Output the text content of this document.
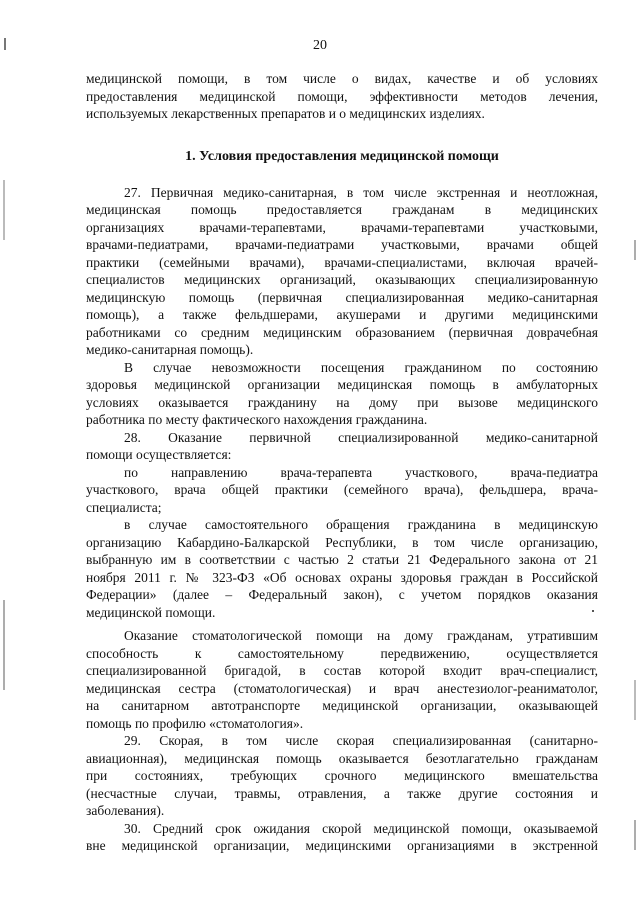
20
медицинской помощи, в том числе о видах, качестве и об условиях
предоставления медицинской помощи, эффективности методов лечения,
используемых лекарственных препаратов и о медицинских изделиях.
1. Условия предоставления медицинской помощи
27. Первичная медико-санитарная, в том числе экстренная и неотложная,
медицинская помощь предоставляется гражданам в медицинских
организациях врачами-терапевтами, врачами-терапевтами участковыми,
врачами-педиатрами, врачами-педиатрами участковыми, врачами общей
практики (семейными врачами), врачами-специалистами, включая врачей-
специалистов медицинских организаций, оказывающих специализированную
медицинскую помощь (первичная специализированная медико-санитарная
помощь), а также фельдшерами, акушерами и другими медицинскими
работниками со средним медицинским образованием (первичная доврачебная
медико-санитарная помощь).
В случае невозможности посещения гражданином по состоянию
здоровья медицинской организации медицинская помощь в амбулаторных
условиях оказывается гражданину на дому при вызове медицинского
работника по месту фактического нахождения гражданина.
28. Оказание первичной специализированной медико-санитарной
помощи осуществляется:
по направлению врача-терапевта участкового, врача-педиатра
участкового, врача общей практики (семейного врача), фельдшера, врача-
специалиста;
в случае самостоятельного обращения гражданина в медицинскую
организацию Кабардино-Балкарской Республики, в том числе организацию,
выбранную им в соответствии с частью 2 статьи 21 Федерального закона от 21
ноября 2011 г. № 323-ФЗ «Об основах охраны здоровья граждан в Российской
Федерации» (далее – Федеральный закон), с учетом порядков оказания
медицинской помощи.
Оказание стоматологической помощи на дому гражданам, утратившим
способность к самостоятельному передвижению, осуществляется
специализированной бригадой, в состав которой входит врач-специалист,
медицинская сестра (стоматологическая) и врач анестезиолог-реаниматолог,
на санитарном автотранспорте медицинской организации, оказывающей
помощь по профилю «стоматология».
29. Скорая, в том числе скорая специализированная (санитарно-
авиационная), медицинская помощь оказывается безотлагательно гражданам
при состояниях, требующих срочного медицинского вмешательства
(несчастные случаи, травмы, отравления, а также другие состояния и
заболевания).
30. Средний срок ожидания скорой медицинской помощи, оказываемой
вне медицинской организации, медицинскими организациями в экстренной
